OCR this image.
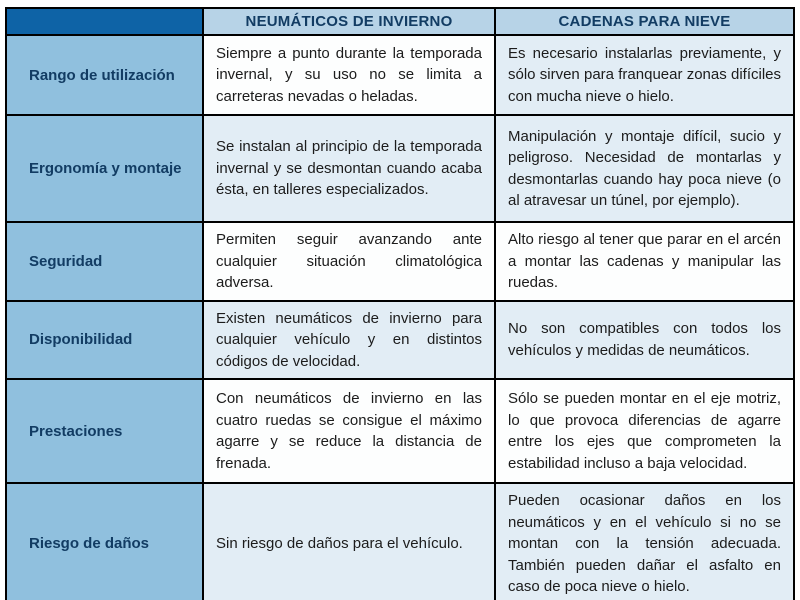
NEUMÁTICOS DE INVIERNO	CADENAS PARA NIEVE
Rango de utilización
Siempre a punto durante la temporada invernal, y su uso no se limita a carreteras nevadas o heladas.
Es necesario instalarlas previamente, y sólo sirven para franquear zonas difíciles con mucha nieve o hielo.
Ergonomía y montaje
Se instalan al principio de la temporada invernal y se desmontan cuando acaba ésta, en talleres especializados.
Manipulación y montaje difícil, sucio y peligroso. Necesidad de montarlas y desmontarlas cuando hay poca nieve (o al atravesar un túnel, por ejemplo).
Seguridad
Permiten seguir avanzando ante cualquier situación climatológica adversa.
Alto riesgo al tener que parar en el arcén a montar las cadenas y manipular las ruedas.
Disponibilidad
Existen neumáticos de invierno para cualquier vehículo y en distintos códigos de velocidad.
No son compatibles con todos los vehículos y medidas de neumáticos.
Prestaciones
Con neumáticos de invierno en las cuatro ruedas se consigue el máximo agarre y se reduce la distancia de frenada.
Sólo se pueden montar en el eje motriz, lo que provoca diferencias de agarre entre los ejes que comprometen la estabilidad incluso a baja velocidad.
Riesgo de daños	Sin riesgo de daños para el vehículo.
Pueden ocasionar daños en los neumáticos y en el vehículo si no se montan con la tensión adecuada. También pueden dañar el asfalto en caso de poca nieve o hielo.
